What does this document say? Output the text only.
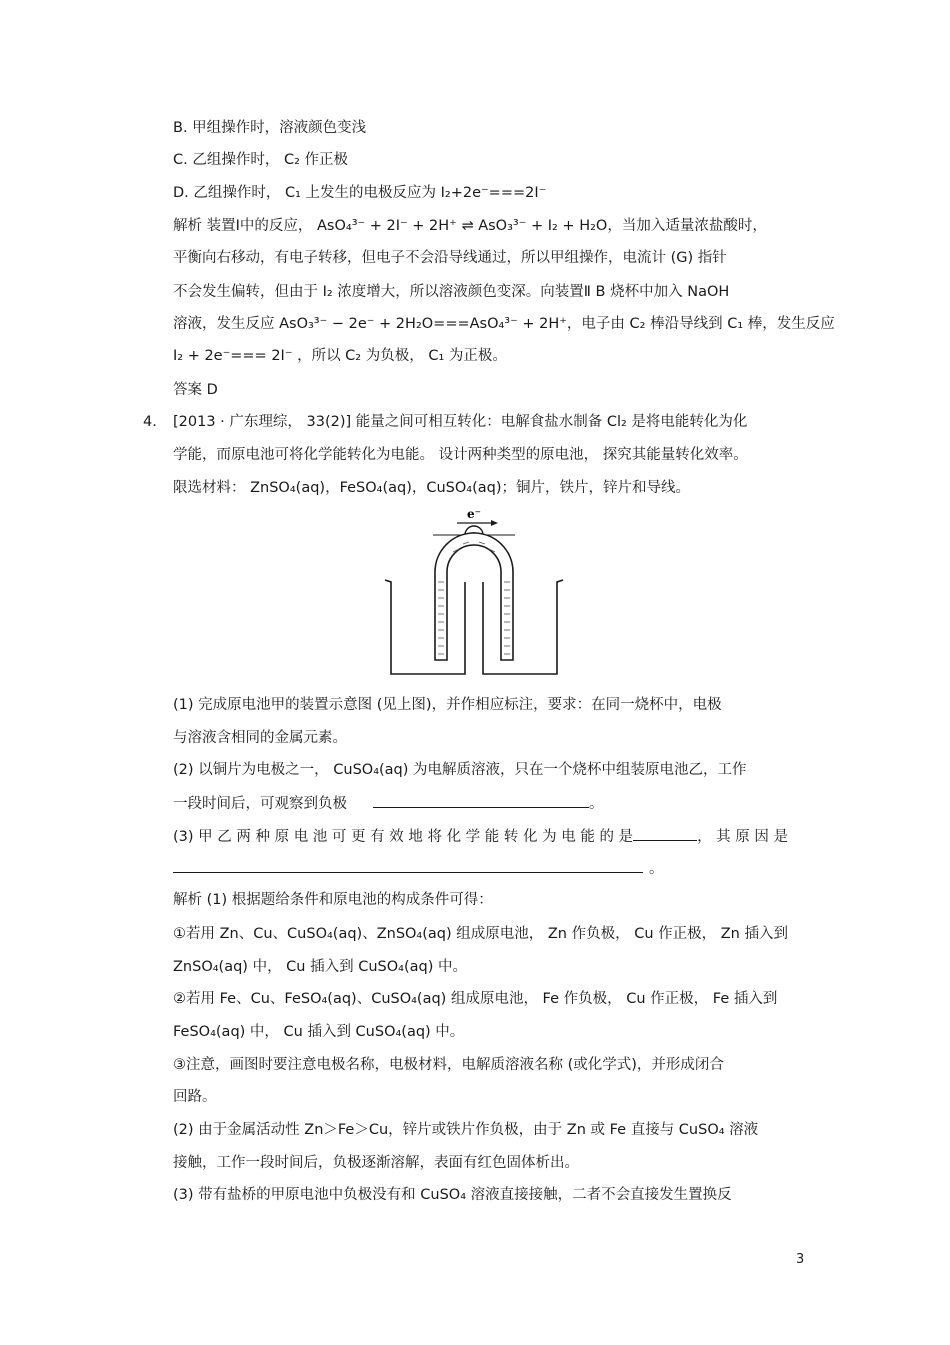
B. 甲组操作时，溶液颜色变浅
C. 乙组操作时， C₂ 作正极
D. 乙组操作时， C₁ 上发生的电极反应为 I₂+2e⁻===2I⁻
解析 装置Ⅰ中的反应， AsO₄³⁻ + 2I⁻ + 2H⁺ ⇌ AsO₃³⁻ + I₂ + H₂O，当加入适量浓盐酸时，
平衡向右移动，有电子转移，但电子不会沿导线通过，所以甲组操作，电流计 (G) 指针
不会发生偏转，但由于 I₂ 浓度增大，所以溶液颜色变深。向装置Ⅱ B 烧杯中加入 NaOH
溶液，发生反应 AsO₃³⁻ − 2e⁻ + 2H₂O===AsO₄³⁻ + 2H⁺，电子由 C₂ 棒沿导线到 C₁ 棒，发生反应
I₂ + 2e⁻=== 2I⁻ ，所以 C₂ 为负极， C₁ 为正极。
答案 D
4. [2013 · 广东理综， 33(2)] 能量之间可相互转化：电解食盐水制备 Cl₂ 是将电能转化为化
学能，而原电池可将化学能转化为电能。 设计两种类型的原电池， 探究其能量转化效率。
限选材料： ZnSO₄(aq)，FeSO₄(aq)，CuSO₄(aq)；铜片，铁片，锌片和导线。
e⁻
(1) 完成原电池甲的装置示意图 (见上图)，并作相应标注，要求：在同一烧杯中，电极
与溶液含相同的金属元素。
(2) 以铜片为电极之一， CuSO₄(aq) 为电解质溶液，只在一个烧杯中组装原电池乙，工作
一段时间后，可观察到负极	。
(3) 甲 乙 两 种 原 电 池 可 更 有 效 地 将 化 学 能 转 化 为 电 能 的 是	， 其 原 因 是
。
解析 (1) 根据题给条件和原电池的构成条件可得：
①若用 Zn、Cu、CuSO₄(aq)、ZnSO₄(aq) 组成原电池， Zn 作负极， Cu 作正极， Zn 插入到
ZnSO₄(aq) 中， Cu 插入到 CuSO₄(aq) 中。
②若用 Fe、Cu、FeSO₄(aq)、CuSO₄(aq) 组成原电池， Fe 作负极， Cu 作正极， Fe 插入到
FeSO₄(aq) 中， Cu 插入到 CuSO₄(aq) 中。
③注意，画图时要注意电极名称，电极材料，电解质溶液名称 (或化学式)，并形成闭合
回路。
(2) 由于金属活动性 Zn＞Fe＞Cu，锌片或铁片作负极，由于 Zn 或 Fe 直接与 CuSO₄ 溶液
接触，工作一段时间后，负极逐渐溶解，表面有红色固体析出。
(3) 带有盐桥的甲原电池中负极没有和 CuSO₄ 溶液直接接触，二者不会直接发生置换反
3
